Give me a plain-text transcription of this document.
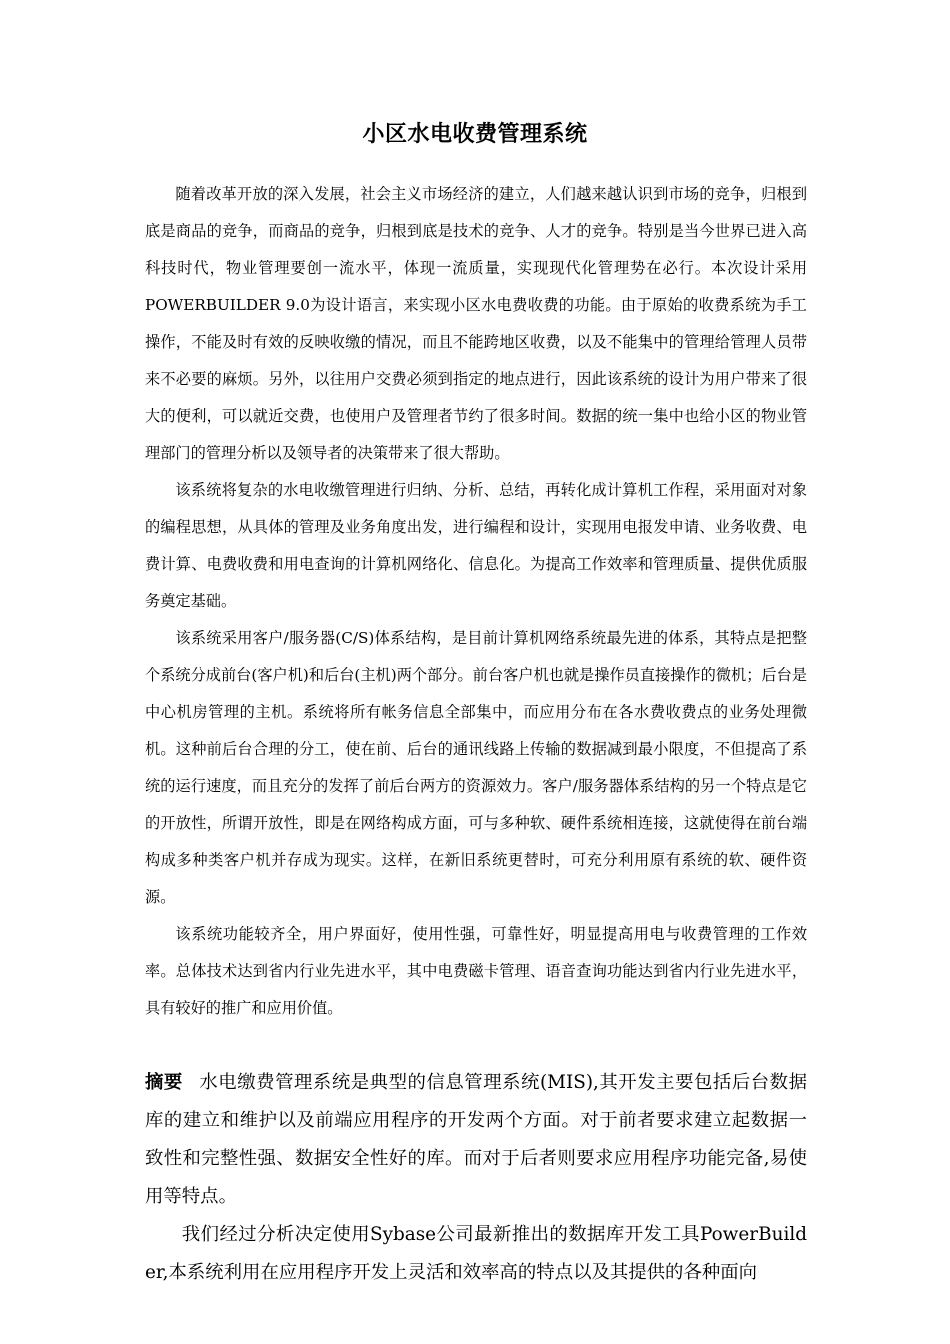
小区水电收费管理系统

随着改革开放的深入发展，社会主义市场经济的建立，人们越来越认识到市场的竞争，归根到底是商品的竞争，而商品的竞争，归根到底是技术的竞争、人才的竞争。特别是当今世界已进入高科技时代，物业管理要创一流水平，体现一流质量，实现现代化管理势在必行。本次设计采用POWERBUILDER 9.0为设计语言，来实现小区水电费收费的功能。由于原始的收费系统为手工操作，不能及时有效的反映收缴的情况，而且不能跨地区收费，以及不能集中的管理给管理人员带来不必要的麻烦。另外，以往用户交费必须到指定的地点进行，因此该系统的设计为用户带来了很大的便利，可以就近交费，也使用户及管理者节约了很多时间。数据的统一集中也给小区的物业管理部门的管理分析以及领导者的决策带来了很大帮助。

该系统将复杂的水电收缴管理进行归纳、分析、总结，再转化成计算机工作程，采用面对对象的编程思想，从具体的管理及业务角度出发，进行编程和设计，实现用电报发申请、业务收费、电费计算、电费收费和用电查询的计算机网络化、信息化。为提高工作效率和管理质量、提供优质服务奠定基础。

该系统采用客户/服务器(C/S)体系结构，是目前计算机网络系统最先进的体系，其特点是把整个系统分成前台(客户机)和后台(主机)两个部分。前台客户机也就是操作员直接操作的微机；后台是中心机房管理的主机。系统将所有帐务信息全部集中，而应用分布在各水费收费点的业务处理微机。这种前后台合理的分工，使在前、后台的通讯线路上传输的数据减到最小限度，不但提高了系统的运行速度，而且充分的发挥了前后台两方的资源效力。客户/服务器体系结构的另一个特点是它的开放性，所谓开放性，即是在网络构成方面，可与多种软、硬件系统相连接，这就使得在前台端构成多种类客户机并存成为现实。这样，在新旧系统更替时，可充分利用原有系统的软、硬件资源。

该系统功能较齐全，用户界面好，使用性强，可靠性好，明显提高用电与收费管理的工作效率。总体技术达到省内行业先进水平，其中电费磁卡管理、语音查询功能达到省内行业先进水平，具有较好的推广和应用价值。

摘要 水电缴费管理系统是典型的信息管理系统(MIS),其开发主要包括后台数据库的建立和维护以及前端应用程序的开发两个方面。对于前者要求建立起数据一致性和完整性强、数据安全性好的库。而对于后者则要求应用程序功能完备,易使用等特点。

我们经过分析决定使用Sybase公司最新推出的数据库开发工具PowerBuilder,本系统利用在应用程序开发上灵活和效率高的特点以及其提供的各种面向
